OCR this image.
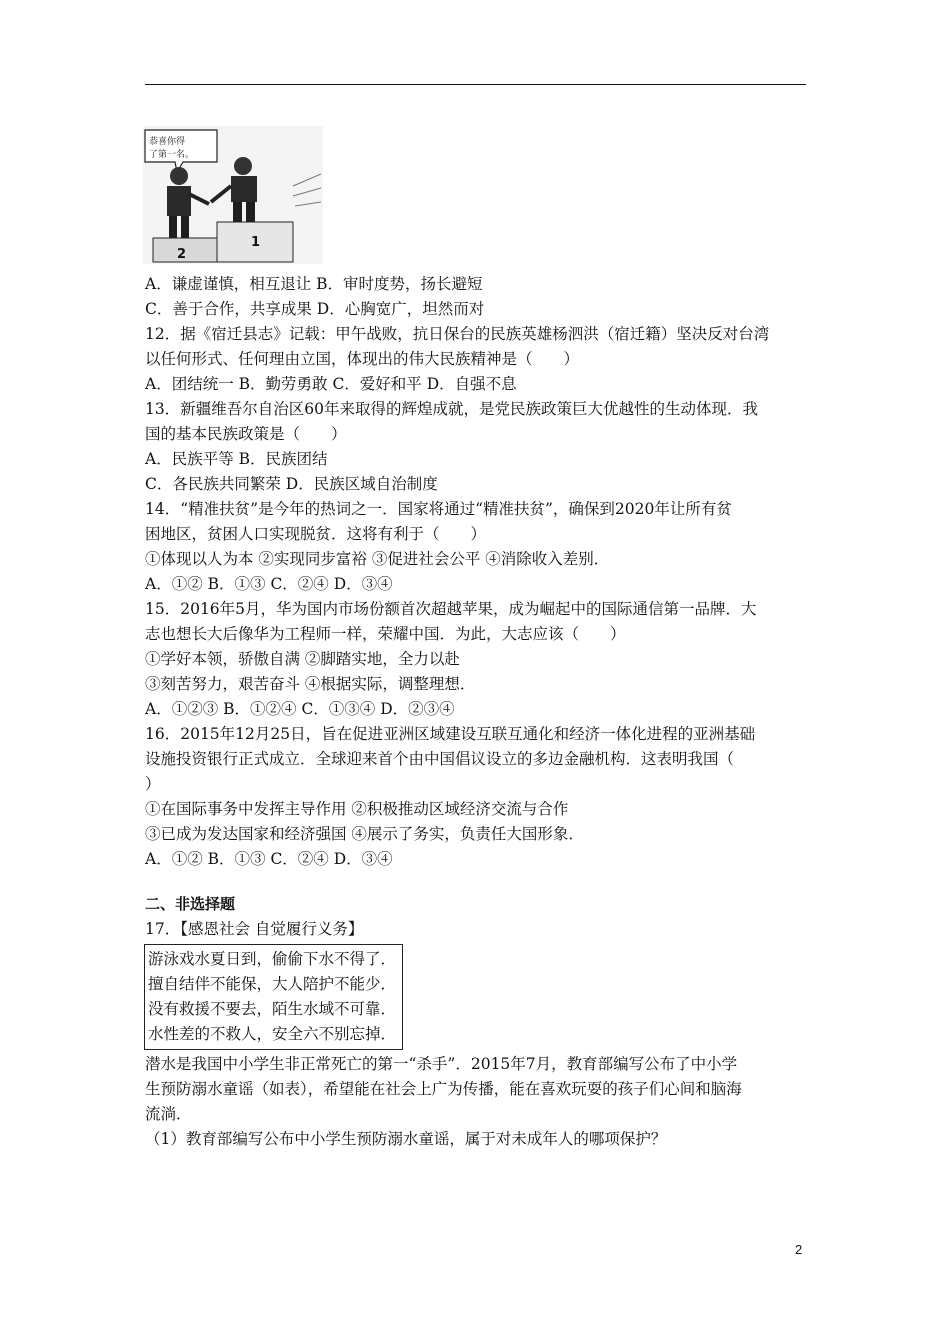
恭喜你得
了第一名。
2
1
A．谦虚谨慎，相互退让 B．审时度势，扬长避短
C．善于合作，共享成果 D．心胸宽广，坦然而对
12．据《宿迁县志》记载：甲午战败，抗日保台的民族英雄杨泗洪（宿迁籍）坚决反对台湾
以任何形式、任何理由立国，体现出的伟大民族精神是（　　）
A．团结统一 B．勤劳勇敢 C．爱好和平 D．自强不息
13．新疆维吾尔自治区60年来取得的辉煌成就，是党民族政策巨大优越性的生动体现．我
国的基本民族政策是（　　）
A．民族平等 B．民族团结
C．各民族共同繁荣 D．民族区域自治制度
14．“精准扶贫”是今年的热词之一．国家将通过“精准扶贫”，确保到2020年让所有贫
困地区，贫困人口实现脱贫．这将有利于（　　）
①体现以人为本 ②实现同步富裕 ③促进社会公平 ④消除收入差别．
A．①② B．①③ C．②④ D．③④
15．2016年5月，华为国内市场份额首次超越苹果，成为崛起中的国际通信第一品牌．大
志也想长大后像华为工程师一样，荣耀中国．为此，大志应该（　　）
①学好本领，骄傲自满 ②脚踏实地，全力以赴
③刻苦努力，艰苦奋斗 ④根据实际，调整理想．
A．①②③ B．①②④ C．①③④ D．②③④
16．2015年12月25日，旨在促进亚洲区域建设互联互通化和经济一体化进程的亚洲基础
设施投资银行正式成立．全球迎来首个由中国倡议设立的多边金融机构．这表明我国（
）
①在国际事务中发挥主导作用 ②积极推动区域经济交流与合作
③已成为发达国家和经济强国 ④展示了务实，负责任大国形象．
A．①② B．①③ C．②④ D．③④
二、非选择题
17．【感恩社会 自觉履行义务】
游泳戏水夏日到，偷偷下水不得了．
擅自结伴不能保，大人陪护不能少．
没有救援不要去，陌生水域不可靠．
水性差的不救人，安全六不别忘掉．
潜水是我国中小学生非正常死亡的第一“杀手”．2015年7月，教育部编写公布了中小学
生预防溺水童谣（如表），希望能在社会上广为传播，能在喜欢玩耍的孩子们心间和脑海
流淌．
（1）教育部编写公布中小学生预防溺水童谣，属于对未成年人的哪项保护？
2
